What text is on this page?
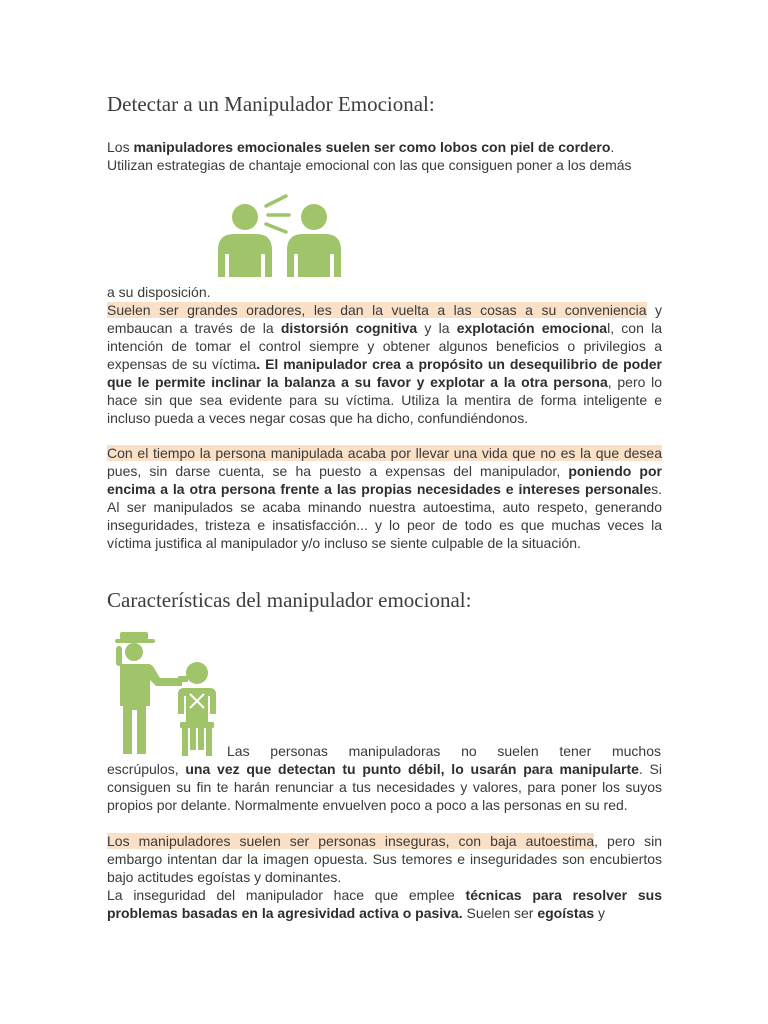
Detectar a un Manipulador Emocional:

Los manipuladores emocionales suelen ser como lobos con piel de cordero.

Utilizan estrategias de chantaje emocional con las que consiguen poner a los demás

a su disposición.

Suelen ser grandes oradores, les dan la vuelta a las cosas a su conveniencia y embaucan a través de la distorsión cognitiva y la explotación emocional, con la intención de tomar el control siempre y obtener algunos beneficios o privilegios a expensas de su víctima. El manipulador crea a propósito un desequilibrio de poder que le permite inclinar la balanza a su favor y explotar a la otra persona, pero lo hace sin que sea evidente para su víctima. Utiliza la mentira de forma inteligente e incluso pueda a veces negar cosas que ha dicho, confundiéndonos.

Con el tiempo la persona manipulada acaba por llevar una vida que no es la que desea pues, sin darse cuenta, se ha puesto a expensas del manipulador, poniendo por encima a la otra persona frente a las propias necesidades e intereses personales. Al ser manipulados se acaba minando nuestra autoestima, auto respeto, generando inseguridades, tristeza e insatisfacción... y lo peor de todo es que muchas veces la víctima justifica al manipulador y/o incluso se siente culpable de la situación.

Características del manipulador emocional:

Las personas manipuladoras no suelen tener muchos

escrúpulos, una vez que detectan tu punto débil, lo usarán para manipularte. Si consiguen su fin te harán renunciar a tus necesidades y valores, para poner los suyos propios por delante. Normalmente envuelven poco a poco a las personas en su red.

Los manipuladores suelen ser personas inseguras, con baja autoestima, pero sin embargo intentan dar la imagen opuesta. Sus temores e inseguridades son encubiertos bajo actitudes egoístas y dominantes.

La inseguridad del manipulador hace que emplee técnicas para resolver sus problemas basadas en la agresividad activa o pasiva. Suelen ser egoístas y
